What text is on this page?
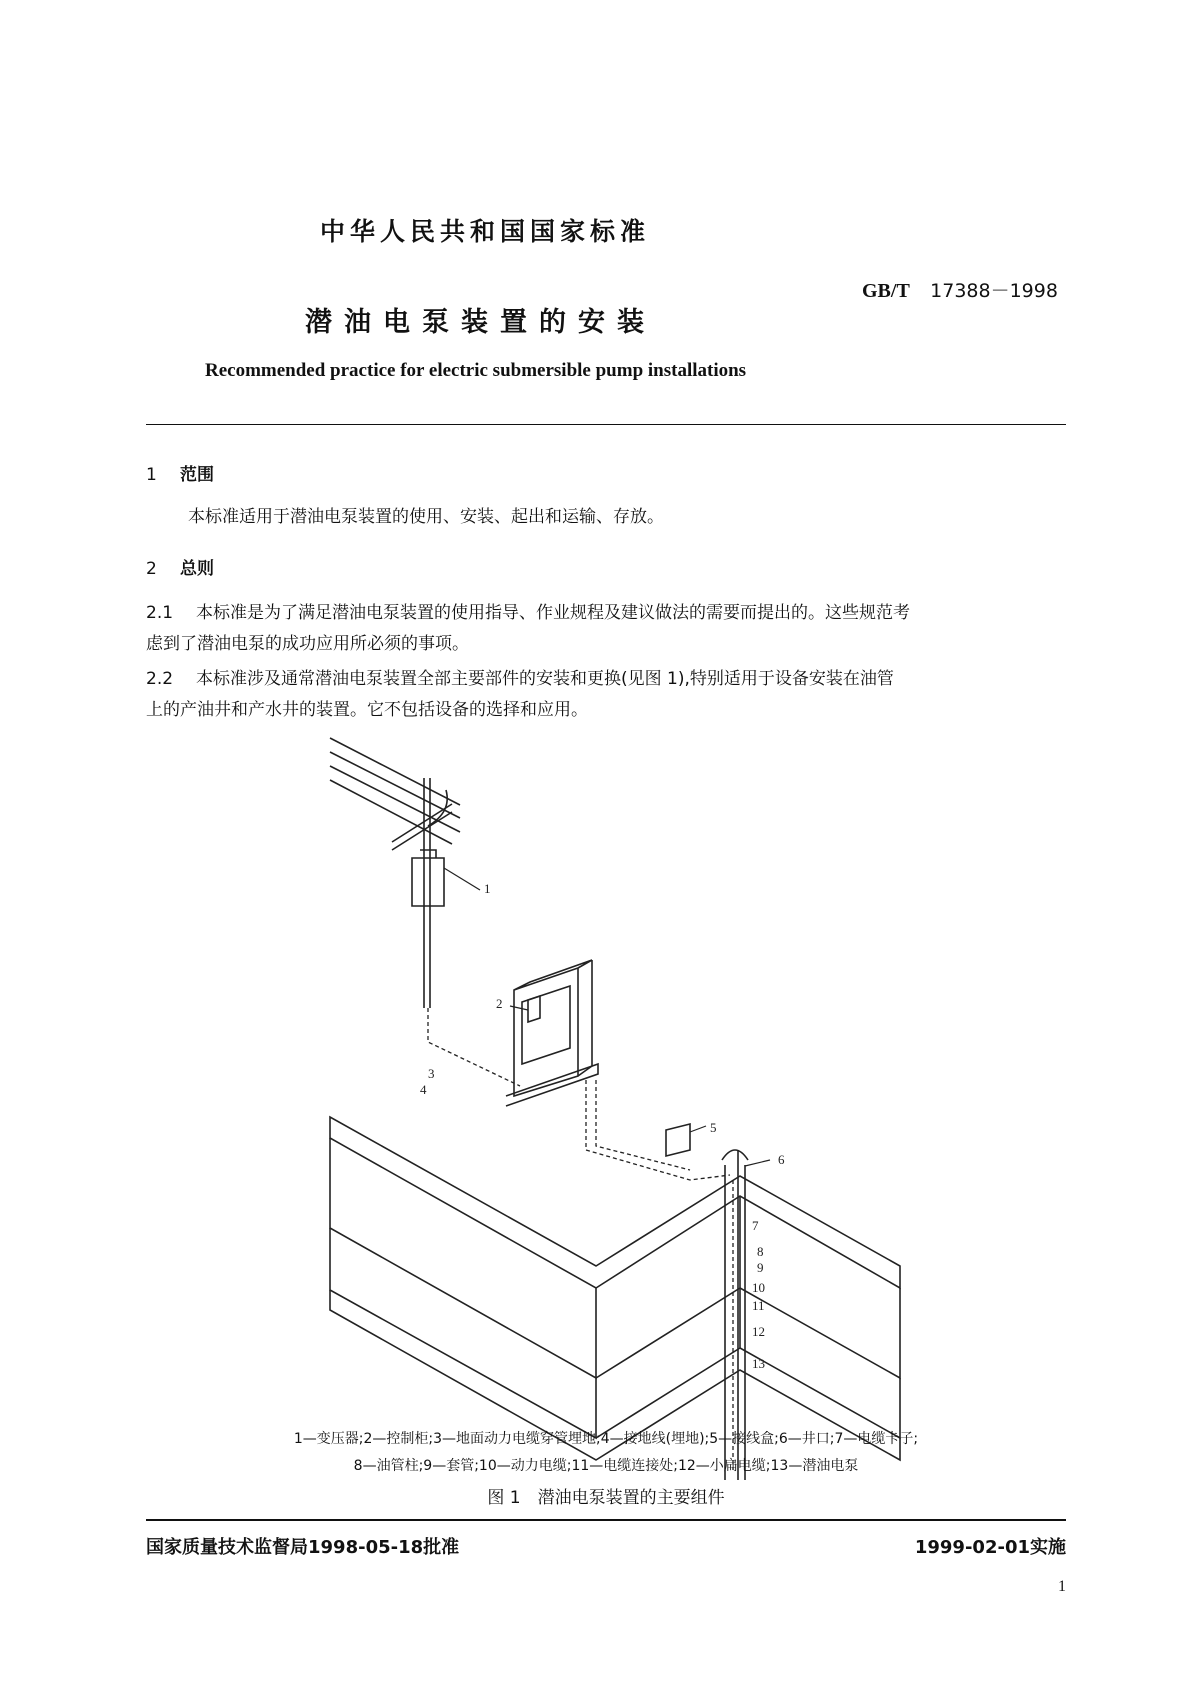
中华人民共和国国家标准
GB/T 17388－1998
潜油电泵装置的安装
Recommended practice for electric submersible pump installations
1 范围
本标准适用于潜油电泵装置的使用、安装、起出和运输、存放。
2 总则
2.1 本标准是为了满足潜油电泵装置的使用指导、作业规程及建议做法的需要而提出的。这些规范考
虑到了潜油电泵的成功应用所必须的事项。
2.2 本标准涉及通常潜油电泵装置全部主要部件的安装和更换(见图 1),特别适用于设备安装在油管
上的产油井和产水井的装置。它不包括设备的选择和应用。
1
2
3
4
5
6
7
8
9
10
11
12
13
1—变压器;2—控制柜;3—地面动力电缆穿管埋地;4—接地线(埋地);5—接线盒;6—井口;7—电缆卡子;
8—油管柱;9—套管;10—动力电缆;11—电缆连接处;12—小扁电缆;13—潜油电泵
图 1　潜油电泵装置的主要组件
国家质量技术监督局1998-05-18批准	1999-02-01实施
1
